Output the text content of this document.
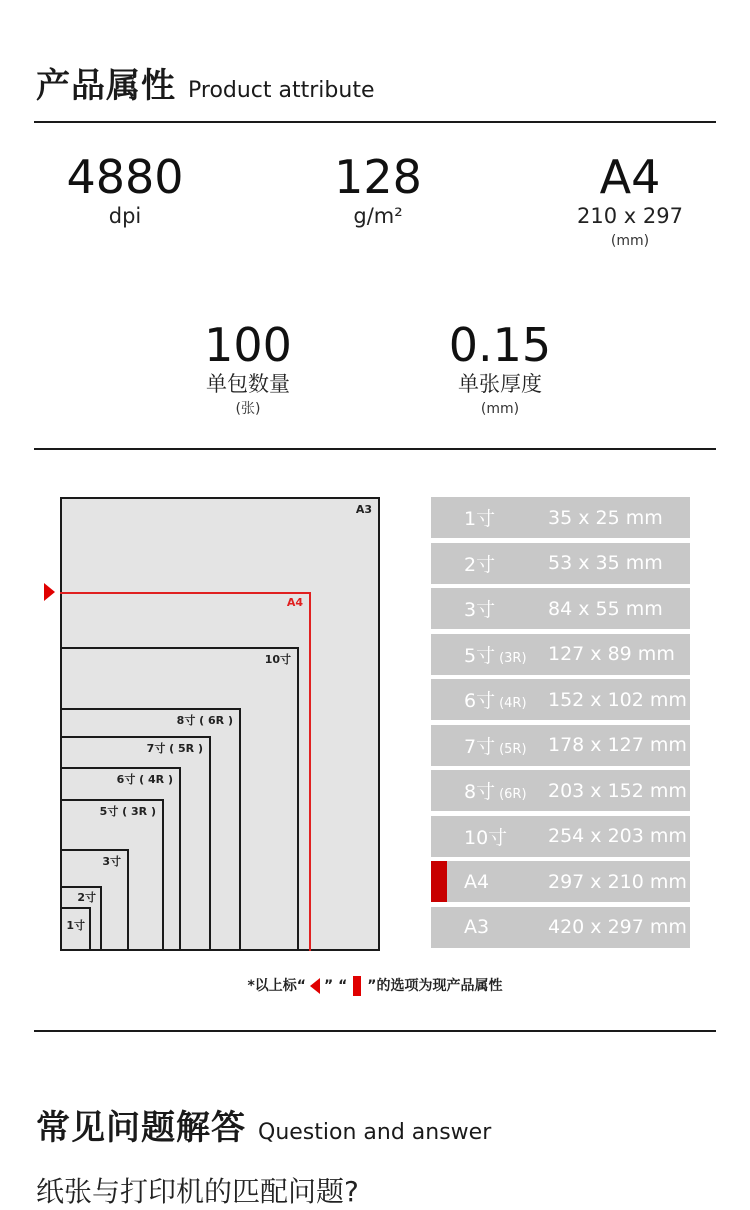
产品属性 Product attribute
4880
dpi
128
g/m²
A4
210 x 297
(mm)
100
单包数量
(张)
0.15
单张厚度
(mm)
A3
A4
10寸
8寸 ( 6R )
7寸 ( 5R )
6寸 ( 4R )
5寸 ( 3R )
3寸
2寸
1寸
1寸	35 x 25 mm
2寸	53 x 35 mm
3寸	84 x 55 mm
5寸 (3R)	127 x 89 mm
6寸 (4R)	152 x 102 mm
7寸 (5R)	178 x 127 mm
8寸 (6R)	203 x 152 mm
10寸	254 x 203 mm
A4	297 x 210 mm
A3	420 x 297 mm
*以上标“ ” “ ”的选项为现产品属性
常见问题解答 Question and answer
纸张与打印机的匹配问题?
